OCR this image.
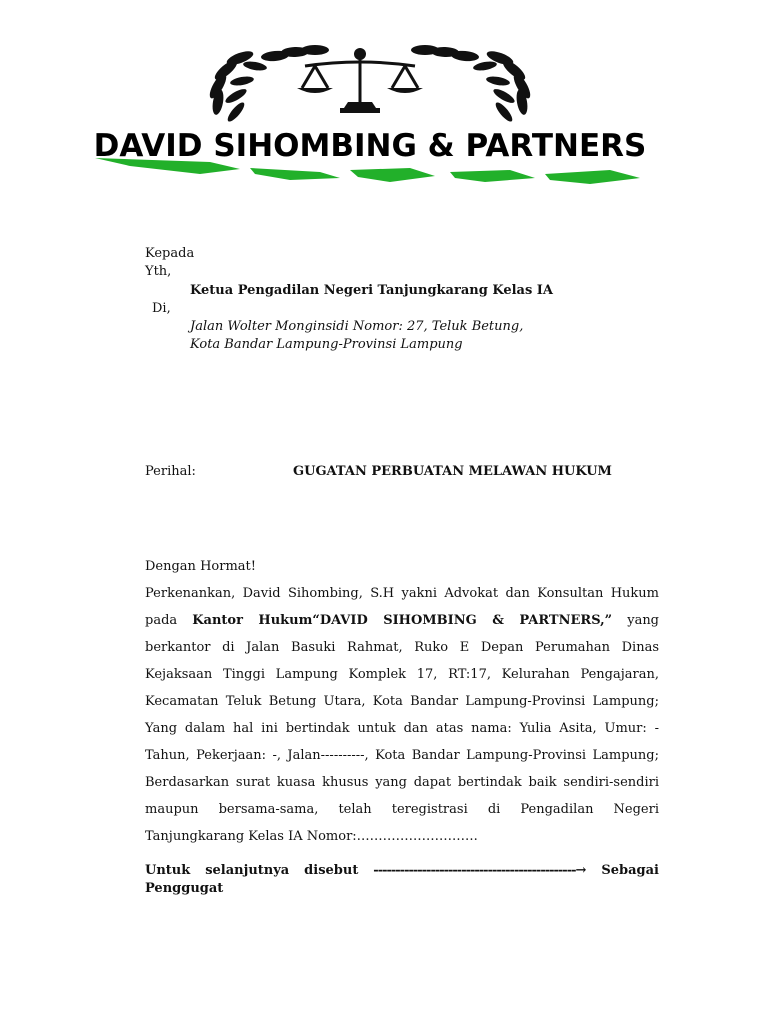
DAVID SIHOMBING & PARTNERS
Kepada
Yth,
Ketua Pengadilan Negeri Tanjungkarang Kelas IA
Di,
Jalan Wolter Monginsidi Nomor: 27, Teluk Betung,
Kota Bandar Lampung-Provinsi Lampung
Perihal:	GUGATAN PERBUATAN MELAWAN HUKUM

Dengan Hormat!

Perkenankan, David Sihombing, S.H yakni Advokat dan Konsultan Hukum pada Kantor Hukum“DAVID SIHOMBING & PARTNERS,” yang berkantor di Jalan Basuki Rahmat, Ruko E Depan Perumahan Dinas Kejaksaan Tinggi Lampung Komplek 17, RT:17, Kelurahan Pengajaran, Kecamatan Teluk Betung Utara, Kota Bandar Lampung-Provinsi Lampung; Yang dalam hal ini bertindak untuk dan atas nama: Yulia Asita, Umur: - Tahun, Pekerjaan: -, Jalan----------, Kota Bandar Lampung-Provinsi Lampung; Berdasarkan surat kuasa khusus yang dapat bertindak baik sendiri-sendiri maupun bersama-sama, telah teregistrasi di Pengadilan Negeri Tanjungkarang Kelas IA Nomor:……………………….

Untuk selanjutnya disebut ----------------------------------------------→ Sebagai
Penggugat
